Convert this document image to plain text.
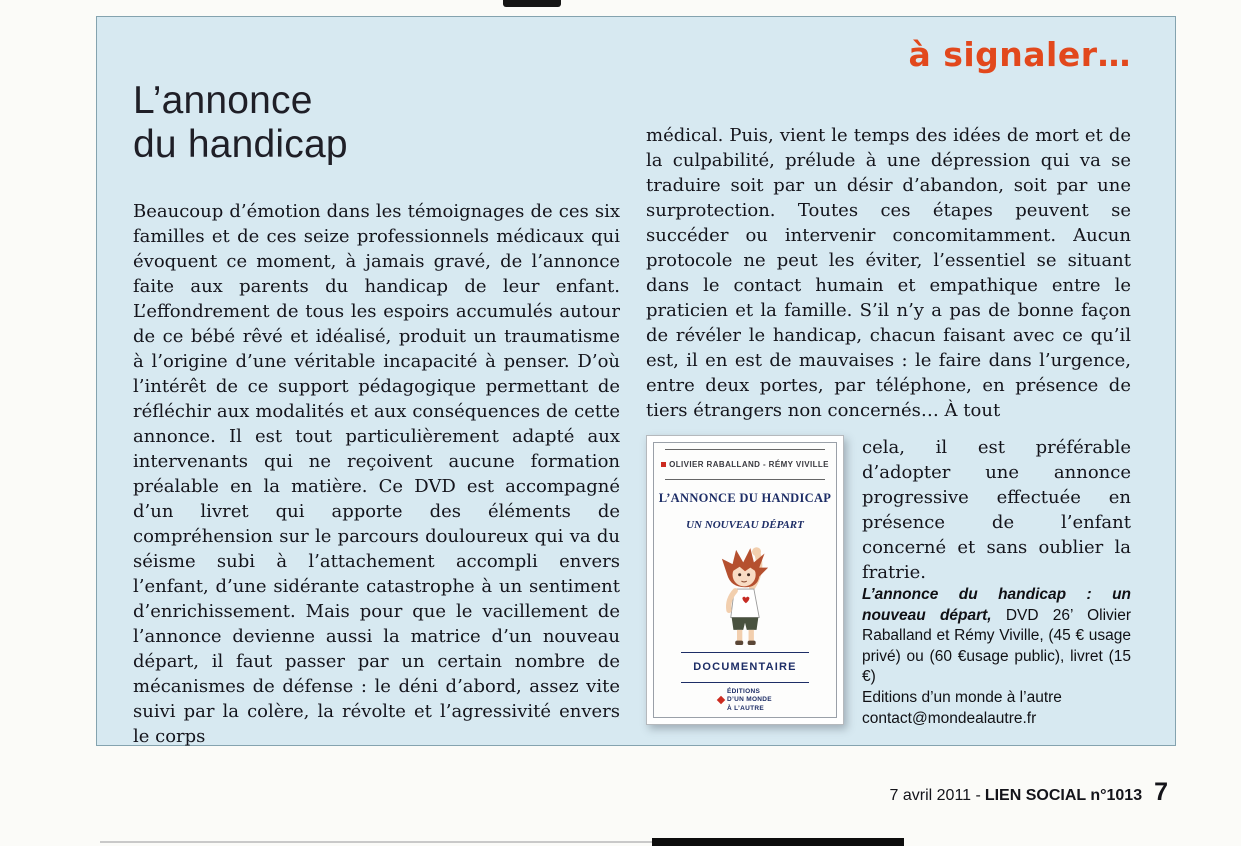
à signaler…
L’annonce
du handicap

Beaucoup d’émotion dans les témoignages de ces six familles et de ces seize professionnels médicaux qui évoquent ce moment, à jamais gravé, de l’annonce faite aux parents du handicap de leur enfant. L’effondrement de tous les espoirs accumulés autour de ce bébé rêvé et idéalisé, produit un traumatisme à l’origine d’une véritable incapacité à penser. D’où l’intérêt de ce support pédagogique permettant de réfléchir aux modalités et aux conséquences de cette annonce. Il est tout particulièrement adapté aux intervenants qui ne reçoivent aucune formation préalable en la matière. Ce DVD est accompagné d’un livret qui apporte des éléments de compréhension sur le parcours douloureux qui va du séisme subi à l’attachement accompli envers l’enfant, d’une sidérante catastrophe à un sentiment d’enrichissement. Mais pour que le vacillement de l’annonce devienne aussi la matrice d’un nouveau départ, il faut passer par un certain nombre de mécanismes de défense : le déni d’abord, assez vite suivi par la colère, la révolte et l’agressivité envers le corps

médical. Puis, vient le temps des idées de mort et de la culpabilité, prélude à une dépression qui va se traduire soit par un désir d’abandon, soit par une surprotection. Toutes ces étapes peuvent se succéder ou intervenir concomitamment. Aucun protocole ne peut les éviter, l’essentiel se situant dans le contact humain et empathique entre le praticien et la famille. S’il n’y a pas de bonne façon de révéler le handicap, chacun faisant avec ce qu’il est, il en est de mauvaises : le faire dans l’urgence, entre deux portes, par téléphone, en présence de tiers étrangers non concernés… À tout

OLIVIER RABALLAND - RÉMY VIVILLE
L’ANNONCE DU HANDICAP
UN NOUVEAU DÉPART
DOCUMENTAIRE
ÉDITIONS
D’UN MONDE
À L’AUTRE

cela, il est préférable d’adopter une annonce progressive effectuée en présence de l’enfant concerné et sans oublier la fratrie.

L’annonce du handicap : un nouveau départ, DVD 26’ Olivier Raballand et Rémy Viville, (45 € usage privé) ou (60 €usage public), livret (15 €)

Editions d’un monde à l’autre

contact@mondealautre.fr

7 avril 2011 - LIEN SOCIAL n°1013 7
